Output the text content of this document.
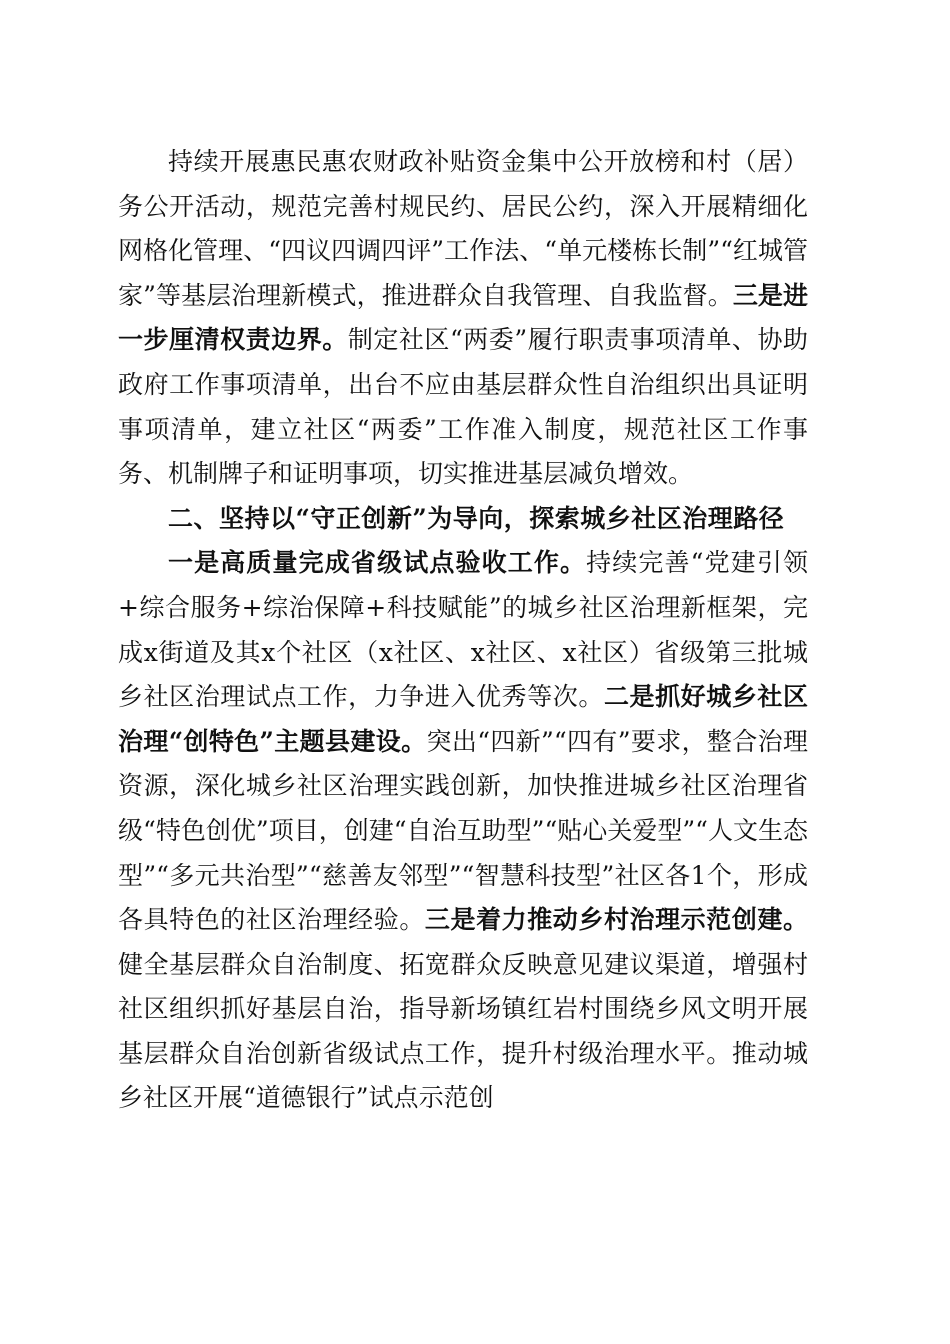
持续开展惠民惠农财政补贴资金集中公开放榜和村（居）务公开活动，规范完善村规民约、居民公约，深入开展精细化网格化管理、“四议四调四评”工作法、“单元楼栋长制”“红城管家”等基层治理新模式，推进群众自我管理、自我监督。三是进一步厘清权责边界。制定社区“两委”履行职责事项清单、协助政府工作事项清单，出台不应由基层群众性自治组织出具证明事项清单，建立社区“两委”工作准入制度，规范社区工作事务、机制牌子和证明事项，切实推进基层减负增效。

二、坚持以“守正创新”为导向，探索城乡社区治理路径

一是高质量完成省级试点验收工作。持续完善“党建引领+综合服务+综治保障+科技赋能”的城乡社区治理新框架，完成x街道及其x个社区（x社区、x社区、x社区）省级第三批城乡社区治理试点工作，力争进入优秀等次。二是抓好城乡社区治理“创特色”主题县建设。突出“四新”“四有”要求，整合治理资源，深化城乡社区治理实践创新，加快推进城乡社区治理省级“特色创优”项目，创建“自治互助型”“贴心关爱型”“人文生态型”“多元共治型”“慈善友邻型”“智慧科技型”社区各1个，形成各具特色的社区治理经验。三是着力推动乡村治理示范创建。健全基层群众自治制度、拓宽群众反映意见建议渠道，增强村社区组织抓好基层自治，指导新场镇红岩村围绕乡风文明开展基层群众自治创新省级试点工作，提升村级治理水平。推动城乡社区开展“道德银行”试点示范创
